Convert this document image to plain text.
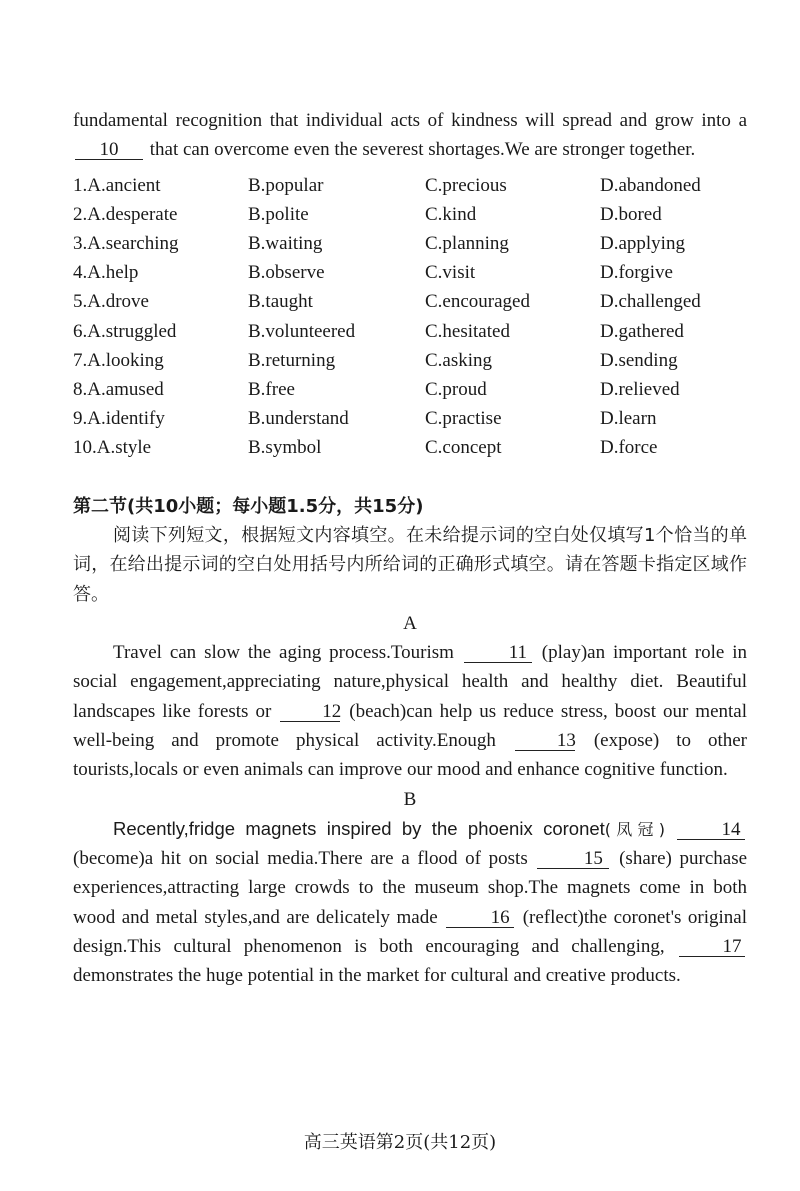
fundamental recognition that individual acts of kindness will spread and grow into a 10 that can overcome even the severest shortages.We are stronger together.

1.A.ancient	B.popular	C.precious	D.abandoned
2.A.desperate	B.polite	C.kind	D.bored
3.A.searching	B.waiting	C.planning	D.applying
4.A.help	B.observe	C.visit	D.forgive
5.A.drove	B.taught	C.encouraged	D.challenged
6.A.struggled	B.volunteered	C.hesitated	D.gathered
7.A.looking	B.returning	C.asking	D.sending
8.A.amused	B.free	C.proud	D.relieved
9.A.identify	B.understand	C.practise	D.learn
10.A.style	B.symbol	C.concept	D.force
第二节(共10小题；每小题1.5分，共15分)

阅读下列短文，根据短文内容填空。在未给提示词的空白处仅填写1个恰当的单词，在给出提示词的空白处用括号内所给词的正确形式填空。请在答题卡指定区域作答。

A

Travel can slow the aging process.Tourism	11 (play)an important role in social engagement,appreciating nature,physical health and healthy diet. Beautiful landscapes like forests or	12 (beach)can help us reduce stress, boost our mental well-being and promote physical activity.Enough	13 (expose) to other tourists,locals or even animals can improve our mood and enhance cognitive function.

B

Recently,fridge magnets inspired by the phoenix coronet(凤冠)	14 (become)a hit on social media.There are a flood of posts	15 (share) purchase experiences,attracting large crowds to the museum shop.The magnets come in both wood and metal styles,and are delicately made	16 (reflect)the coronet's original design.This cultural phenomenon is both encouraging and challenging,	17 demonstrates the huge potential in the market for cultural and creative products.

高三英语第2页(共12页)
